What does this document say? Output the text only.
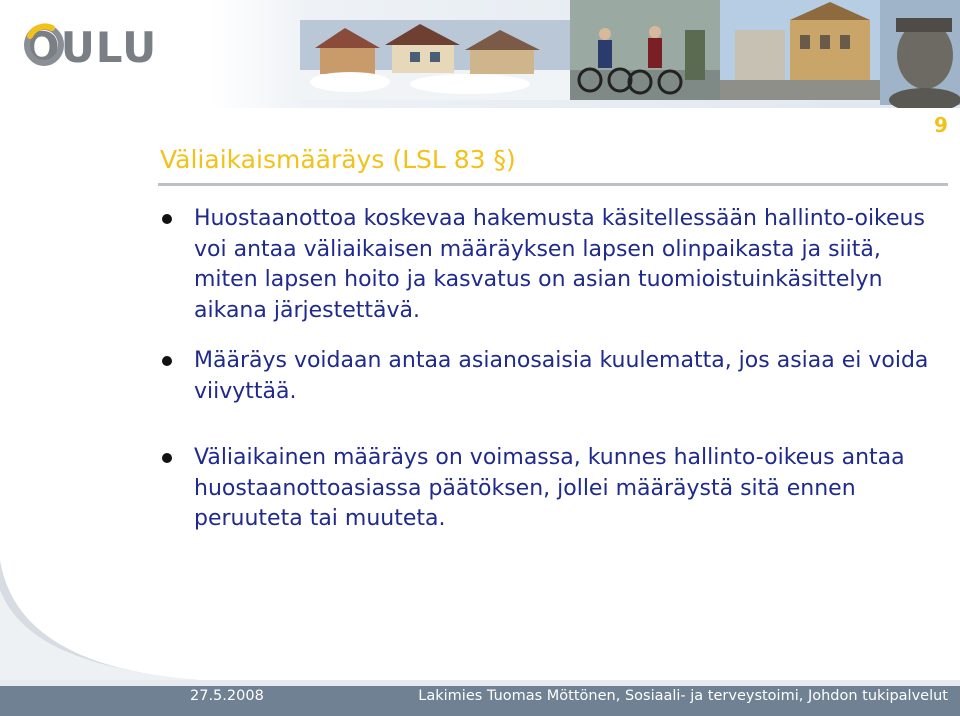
OULU
9
Väliaikaismääräys (LSL 83 §)
Huostaanottoa koskevaa hakemusta käsitellessään hallinto-oikeus voi antaa väliaikaisen määräyksen lapsen olinpaikasta ja siitä, miten lapsen hoito ja kasvatus on asian tuomioistuinkäsittelyn aikana järjestettävä.
Määräys voidaan antaa asianosaisia kuulematta, jos asiaa ei voida viivyttää.
Väliaikainen määräys on voimassa, kunnes hallinto-oikeus antaa huostaanottoasiassa päätöksen, jollei määräystä sitä ennen peruuteta tai muuteta.
27.5.2008	Lakimies Tuomas Möttönen, Sosiaali- ja terveystoimi, Johdon tukipalvelut
